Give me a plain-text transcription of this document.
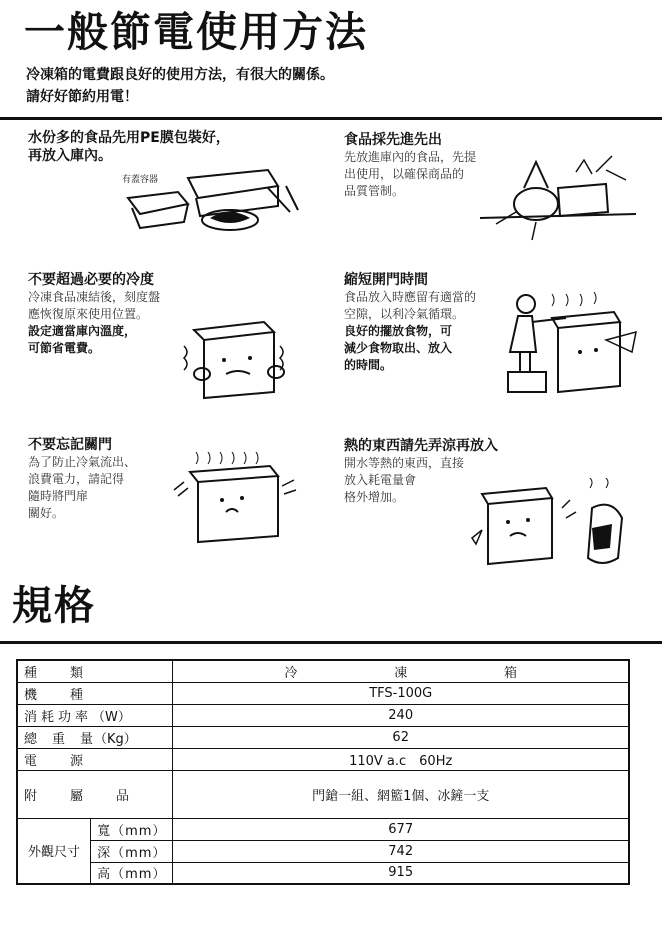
一般節電使用方法
冷凍箱的電費跟良好的使用方法，有很大的關係。
請好好節約用電！
水份多的食品先用PE膜包裝好，
再放入庫內。
有蓋容器
食品採先進先出
先放進庫內的食品，先提
出使用，以確保商品的
品質管制。
不要超過必要的冷度
冷凍食品凍結後，刻度盤
應恢復原來使用位置。
設定適當庫內溫度，
可節省電費。
縮短開門時間
食品放入時應留有適當的
空隙，以利冷氣循環。
良好的擺放食物，可
減少食物取出、放入
的時間。
不要忘記關門
為了防止冷氣流出、
浪費電力，請記得
隨時將門扉
關好。
熱的東西請先弄涼再放入
開水等熱的東西，直接
放入耗電量會
格外增加。
規格
種　類		冷 凍 箱

機　種		TFS-100G
消耗功率（W）		240
總　重　量（Kg）		62
電　源		110V a.c　60Hz
附　屬　品		門鎗一組、網籃1個、冰鏟一支
外觀尺寸	寬（mm）	677
	深（mm）	742
	高（mm）	915
